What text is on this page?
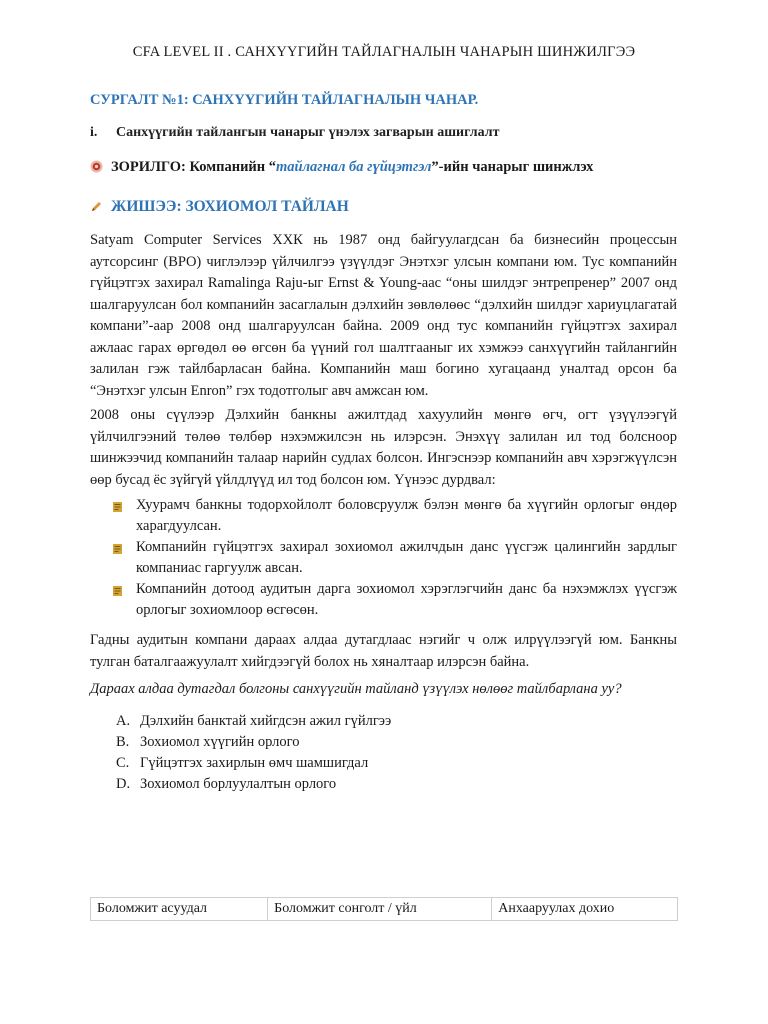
CFA LEVEL II . САНХҮҮГИЙН ТАЙЛАГНАЛЫН ЧАНАРЫН ШИНЖИЛГЭЭ
СУРГАЛТ №1: САНХҮҮГИЙН ТАЙЛАГНАЛЫН ЧАНАР.
i. Санхүүгийн тайлангын чанарыг үнэлэх загварын ашиглалт
ЗОРИЛГО: Компанийн “тайлагнал ба гүйцэтгэл”-ийн чанарыг шинжлэх
ЖИШЭЭ: ЗОХИОМОЛ ТАЙЛАН
Satyam Computer Services ХХК нь 1987 онд байгуулагдсан ба бизнесийн процессын аутсорсинг (BPO) чиглэлээр үйлчилгээ үзүүлдэг Энэтхэг улсын компани юм. Тус компанийн гүйцэтгэх захирал Ramalinga Raju-ыг Ernst & Young-аас “оны шилдэг энтрепренер” 2007 онд шалгаруулсан бол компанийн засаглалын дэлхийн зөвлөлөөс “дэлхийн шилдэг хариуцлагатай компани”-аар 2008 онд шалгаруулсан байна. 2009 онд тус компанийн гүйцэтгэх захирал ажлаас гарах өргөдөл өө өгсөн ба үүний гол шалтгааныг их хэмжээ санхүүгийн тайлангийн залилан гэж тайлбарласан байна. Компанийн маш богино хугацаанд уналтад орсон ба “Энэтхэг улсын Enron” гэх тодотголыг авч амжсан юм.
2008 оны сүүлээр Дэлхийн банкны ажилтдад хахуулийн мөнгө өгч, огт үзүүлээгүй үйлчилгээний төлөө төлбөр нэхэмжилсэн нь илэрсэн. Энэхүү залилан ил тод болсноор шинжээчид компанийн талаар нарийн судлах болсон. Ингэснээр компанийн авч хэрэгжүүлсэн өөр бусад ёс зүйгүй үйлдлүүд ил тод болсон юм. Үүнээс дурдвал:
Хуурамч банкны тодорхойлолт боловсруулж бэлэн мөнгө ба хүүгийн орлогыг өндөр харагдуулсан.
Компанийн гүйцэтгэх захирал зохиомол ажилчдын данс үүсгэж цалингийн зардлыг компаниас гаргуулж авсан.
Компанийн дотоод аудитын дарга зохиомол хэрэглэгчийн данс ба нэхэмжлэх үүсгэж орлогыг зохиомлоор өсгөсөн.
Гадны аудитын компани дараах алдаа дутагдлаас нэгийг ч олж илрүүлээгүй юм. Банкны тулган баталгаажуулалт хийгдээгүй болох нь хяналтаар илэрсэн байна.
Дараах алдаа дутагдал болгоны санхүүгийн тайланд үзүүлэх нөлөөг тайлбарлана уу?
A. Дэлхийн банктай хийгдсэн ажил гүйлгээ
B. Зохиомол хүүгийн орлого
C. Гүйцэтгэх захирлын өмч шамшигдал
D. Зохиомол борлуулалтын орлого
Боломжит асуудал	Боломжит сонголт / үйл	Анхааруулах дохио
